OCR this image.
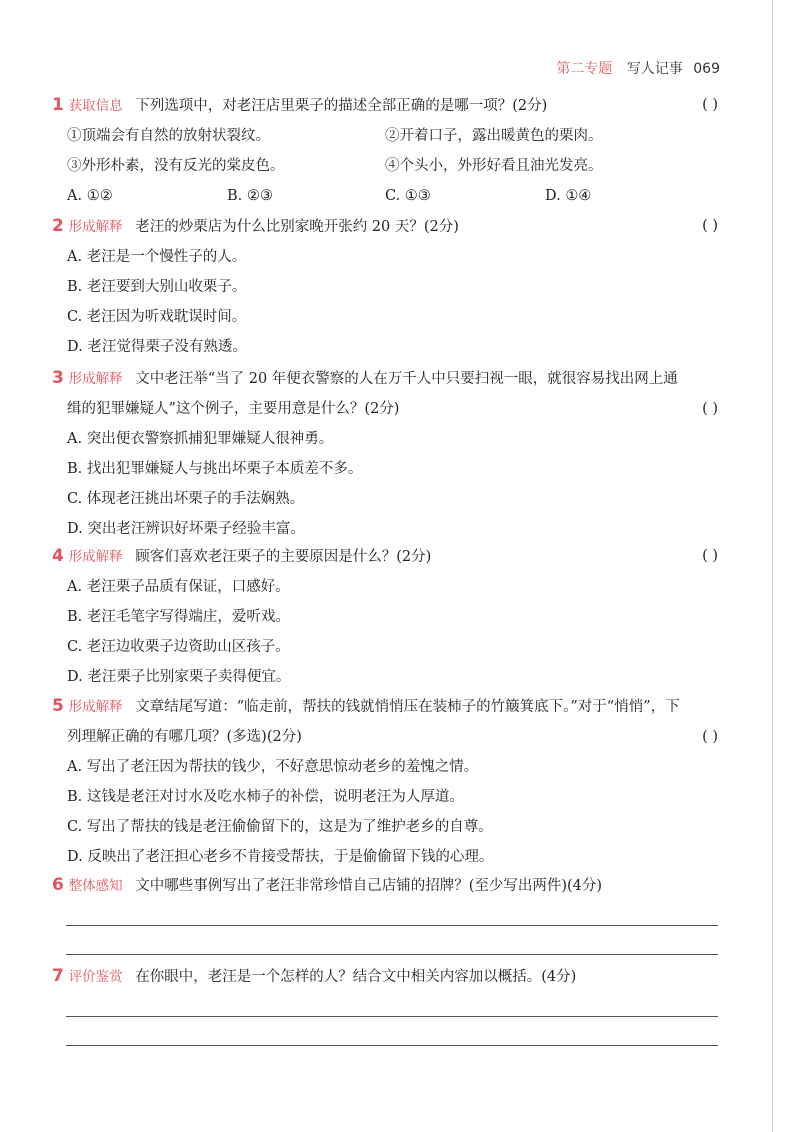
第二专题 写人记事 069
1 获取信息 下列选项中，对老汪店里栗子的描述全部正确的是哪一项？(2分)	( )
①顶端会有自然的放射状裂纹。	②开着口子，露出暖黄色的栗肉。
③外形朴素，没有反光的棠皮色。	④个头小，外形好看且油光发亮。
A. ①②	B. ②③	C. ①③	D. ①④
2 形成解释 老汪的炒栗店为什么比别家晚开张约 20 天？(2分)	( )
A. 老汪是一个慢性子的人。
B. 老汪要到大别山收栗子。
C. 老汪因为听戏耽误时间。
D. 老汪觉得栗子没有熟透。
3 形成解释 文中老汪举“当了 20 年便衣警察的人在万千人中只要扫视一眼，就很容易找出网上通
缉的犯罪嫌疑人”这个例子，主要用意是什么？(2分)	( )
A. 突出便衣警察抓捕犯罪嫌疑人很神勇。
B. 找出犯罪嫌疑人与挑出坏栗子本质差不多。
C. 体现老汪挑出坏栗子的手法娴熟。
D. 突出老汪辨识好坏栗子经验丰富。
4 形成解释 顾客们喜欢老汪栗子的主要原因是什么？(2分)	( )
A. 老汪栗子品质有保证，口感好。
B. 老汪毛笔字写得端庄，爱听戏。
C. 老汪边收栗子边资助山区孩子。
D. 老汪栗子比别家栗子卖得便宜。
5 形成解释 文章结尾写道：“临走前，帮扶的钱就悄悄压在装柿子的竹簸箕底下。”对于“悄悄”，下
列理解正确的有哪几项？(多选)(2分)	( )
A. 写出了老汪因为帮扶的钱少，不好意思惊动老乡的羞愧之情。
B. 这钱是老汪对讨水及吃水柿子的补偿，说明老汪为人厚道。
C. 写出了帮扶的钱是老汪偷偷留下的，这是为了维护老乡的自尊。
D. 反映出了老汪担心老乡不肯接受帮扶，于是偷偷留下钱的心理。
6 整体感知 文中哪些事例写出了老汪非常珍惜自己店铺的招牌？(至少写出两件)(4分)
7 评价鉴赏 在你眼中，老汪是一个怎样的人？结合文中相关内容加以概括。(4分)
